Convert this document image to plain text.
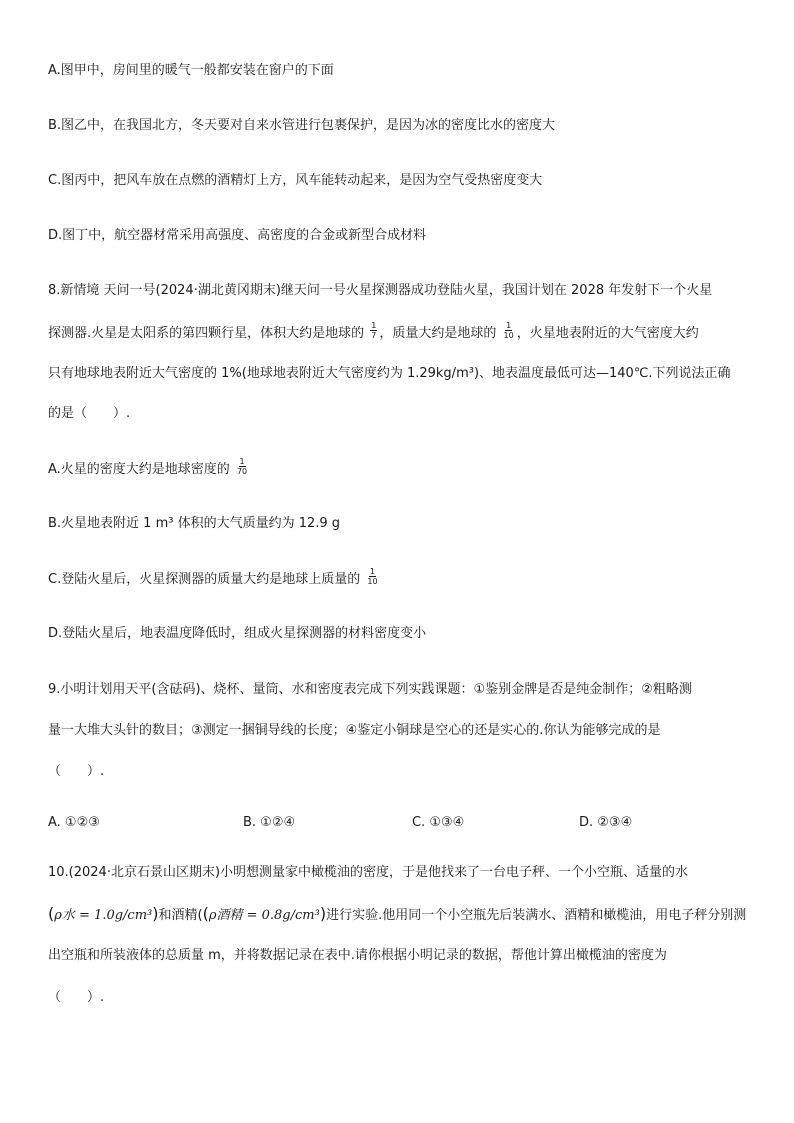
A.图甲中，房间里的暖气一般都安装在窗户的下面
B.图乙中，在我国北方，冬天要对自来水管进行包裹保护，是因为冰的密度比水的密度大
C.图丙中，把风车放在点燃的酒精灯上方，风车能转动起来，是因为空气受热密度变大
D.图丁中，航空器材常采用高强度、高密度的合金或新型合成材料
8.新情境 天问一号(2024·湖北黄冈期末)继天问一号火星探测器成功登陆火星，我国计划在 2028 年发射下一个火星
探测器.火星是太阳系的第四颗行星，体积大约是地球的 $\frac{1}{7}$ ，质量大约是地球的 $\frac{1}{10}$ ，火星地表附近的大气密度大约
只有地球地表附近大气密度的 1%(地球地表附近大气密度约为 1.29kg/m³)、地表温度最低可达—140℃.下列说法正确
的是（　　）.
A.火星的密度大约是地球密度的 $\frac{1}{70}$
B.火星地表附近 1 m³ 体积的大气质量约为 12.9 g
C.登陆火星后，火星探测器的质量大约是地球上质量的 $\frac{1}{10}$
D.登陆火星后，地表温度降低时，组成火星探测器的材料密度变小
9.小明计划用天平(含砝码)、烧杯、量筒、水和密度表完成下列实践课题：①鉴别金牌是否是纯金制作；②粗略测
量一大堆大头针的数目；③测定一捆铜导线的长度；④鉴定小铜球是空心的还是实心的.你认为能够完成的是
（　　）.
A. ①②③	B. ①②④	C. ①③④	D. ②③④
10.(2024·北京石景山区期末)小明想测量家中橄榄油的密度，于是他找来了一台电子秤、一个小空瓶、适量的水
(ρ水 = 1.0g/cm³)和酒精((ρ酒精 = 0.8g/cm³)进行实验.他用同一个小空瓶先后装满水、酒精和橄榄油，用电子秤分别测
出空瓶和所装液体的总质量 m，并将数据记录在表中.请你根据小明记录的数据，帮他计算出橄榄油的密度为
（　　）.
